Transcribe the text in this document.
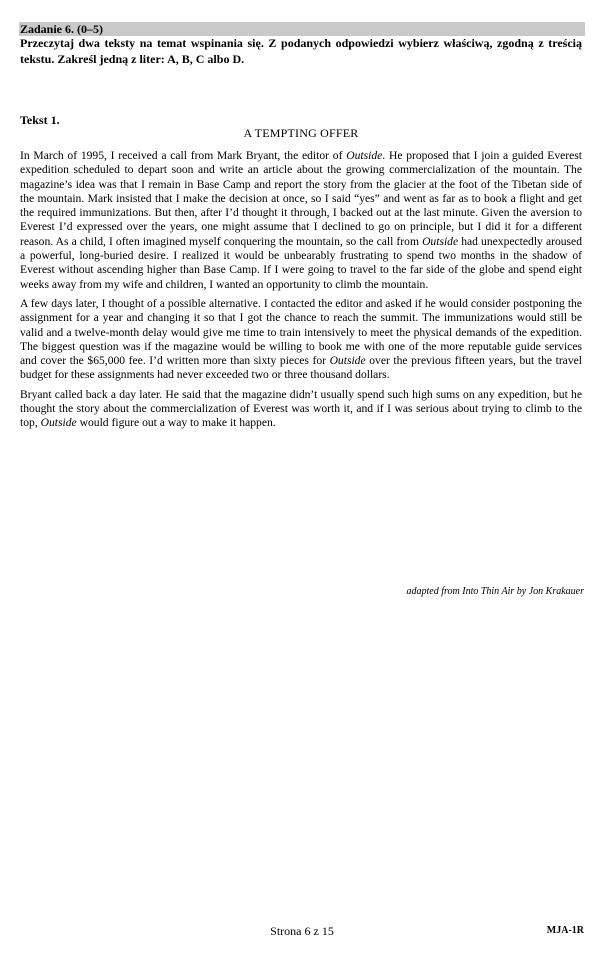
Zadanie 6. (0–5)
Przeczytaj dwa teksty na temat wspinania się. Z podanych odpowiedzi wybierz właściwą, zgodną z treścią tekstu. Zakreśl jedną z liter: A, B, C albo D.
Tekst 1.
A TEMPTING OFFER

In March of 1995, I received a call from Mark Bryant, the editor of Outside. He proposed that I join a guided Everest expedition scheduled to depart soon and write an article about the growing commercialization of the mountain. The magazine’s idea was that I remain in Base Camp and report the story from the glacier at the foot of the Tibetan side of the mountain. Mark insisted that I make the decision at once, so I said “yes” and went as far as to book a flight and get the required immunizations. But then, after I’d thought it through, I backed out at the last minute. Given the aversion to Everest I’d expressed over the years, one might assume that I declined to go on principle, but I did it for a different reason. As a child, I often imagined myself conquering the mountain, so the call from Outside had unexpectedly aroused a powerful, long-buried desire. I realized it would be unbearably frustrating to spend two months in the shadow of Everest without ascending higher than Base Camp. If I were going to travel to the far side of the globe and spend eight weeks away from my wife and children, I wanted an opportunity to climb the mountain.

A few days later, I thought of a possible alternative. I contacted the editor and asked if he would consider postponing the assignment for a year and changing it so that I got the chance to reach the summit. The immunizations would still be valid and a twelve-month delay would give me time to train intensively to meet the physical demands of the expedition. The biggest question was if the magazine would be willing to book me with one of the more reputable guide services and cover the $65,000 fee. I’d written more than sixty pieces for Outside over the previous fifteen years, but the travel budget for these assignments had never exceeded two or three thousand dollars.

Bryant called back a day later. He said that the magazine didn’t usually spend such high sums on any expedition, but he thought the story about the commercialization of Everest was worth it, and if I was serious about trying to climb to the top, Outside would figure out a way to make it happen.

adapted from Into Thin Air by Jon Krakauer
Strona 6 z 15	MJA-1R
